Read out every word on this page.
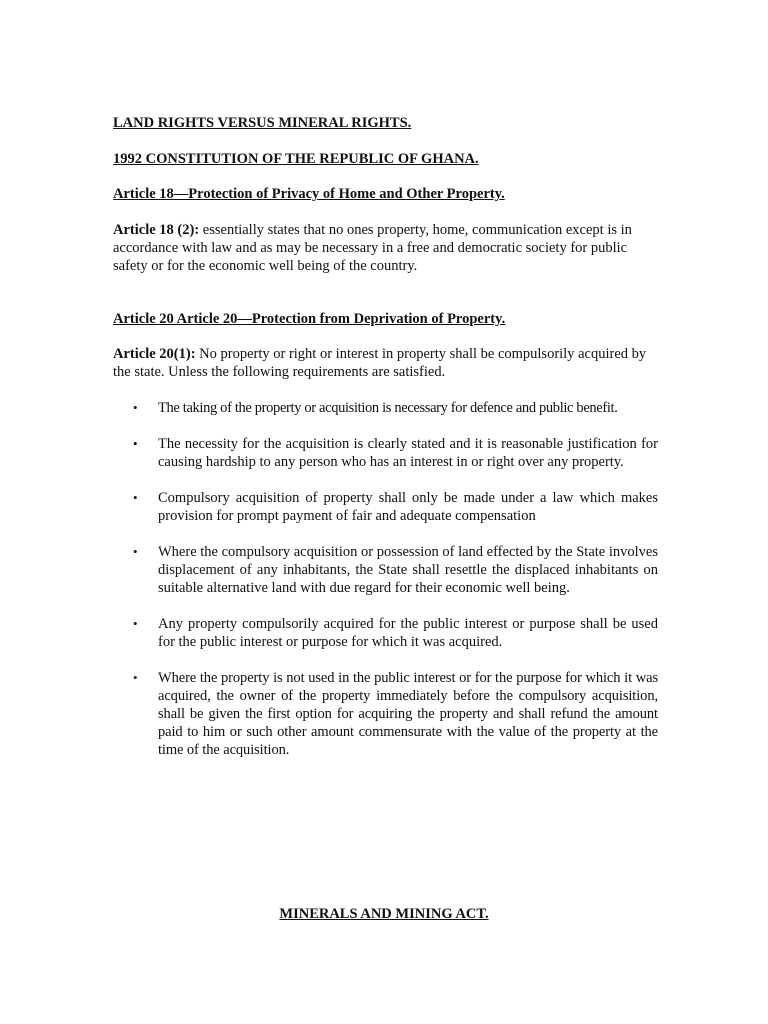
LAND RIGHTS VERSUS MINERAL RIGHTS.

1992 CONSTITUTION OF THE REPUBLIC OF GHANA.

Article 18—Protection of Privacy of Home and Other Property.

Article 18 (2): essentially states that no ones property, home, communication except is in accordance with law and as may be necessary in a free and democratic society for public safety or for the economic well being of the country.

Article 20 Article 20—Protection from Deprivation of Property.

Article 20(1): No property or right or interest in property shall be compulsorily acquired by the state. Unless the following requirements are satisfied.

• The taking of the property or acquisition is necessary for defence and public benefit.
• The necessity for the acquisition is clearly stated and it is reasonable justification for causing hardship to any person who has an interest in or right over any property.
• Compulsory acquisition of property shall only be made under a law which makes provision for prompt payment of fair and adequate compensation
• Where the compulsory acquisition or possession of land effected by the State involves displacement of any inhabitants, the State shall resettle the displaced inhabitants on suitable alternative land with due regard for their economic well being.
• Any property compulsorily acquired for the public interest or purpose shall be used for the public interest or purpose for which it was acquired.
• Where the property is not used in the public interest or for the purpose for which it was acquired, the owner of the property immediately before the compulsory acquisition, shall be given the first option for acquiring the property and shall refund the amount paid to him or such other amount commensurate with the value of the property at the time of the acquisition.

MINERALS AND MINING ACT.
